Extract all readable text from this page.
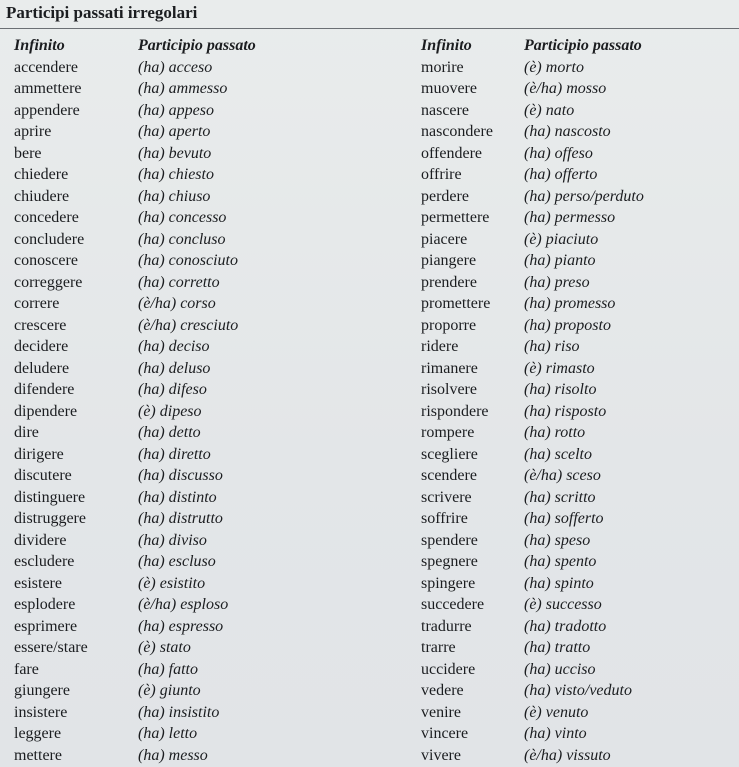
Participi passati irregolari
Infinito
accendere
ammettere
appendere
aprire
bere
chiedere
chiudere
concedere
concludere
conoscere
correggere
correre
crescere
decidere
deludere
difendere
dipendere
dire
dirigere
discutere
distinguere
distruggere
dividere
escludere
esistere
esplodere
esprimere
essere/stare
fare
giungere
insistere
leggere
mettere
Participio passato
(ha) acceso
(ha) ammesso
(ha) appeso
(ha) aperto
(ha) bevuto
(ha) chiesto
(ha) chiuso
(ha) concesso
(ha) concluso
(ha) conosciuto
(ha) corretto
(è/ha) corso
(è/ha) cresciuto
(ha) deciso
(ha) deluso
(ha) difeso
(è) dipeso
(ha) detto
(ha) diretto
(ha) discusso
(ha) distinto
(ha) distrutto
(ha) diviso
(ha) escluso
(è) esistito
(è/ha) esploso
(ha) espresso
(è) stato
(ha) fatto
(è) giunto
(ha) insistito
(ha) letto
(ha) messo
Infinito
morire
muovere
nascere
nascondere
offendere
offrire
perdere
permettere
piacere
piangere
prendere
promettere
proporre
ridere
rimanere
risolvere
rispondere
rompere
scegliere
scendere
scrivere
soffrire
spendere
spegnere
spingere
succedere
tradurre
trarre
uccidere
vedere
venire
vincere
vivere
Participio passato
(è) morto
(è/ha) mosso
(è) nato
(ha) nascosto
(ha) offeso
(ha) offerto
(ha) perso/perduto
(ha) permesso
(è) piaciuto
(ha) pianto
(ha) preso
(ha) promesso
(ha) proposto
(ha) riso
(è) rimasto
(ha) risolto
(ha) risposto
(ha) rotto
(ha) scelto
(è/ha) sceso
(ha) scritto
(ha) sofferto
(ha) speso
(ha) spento
(ha) spinto
(è) successo
(ha) tradotto
(ha) tratto
(ha) ucciso
(ha) visto/veduto
(è) venuto
(ha) vinto
(è/ha) vissuto
